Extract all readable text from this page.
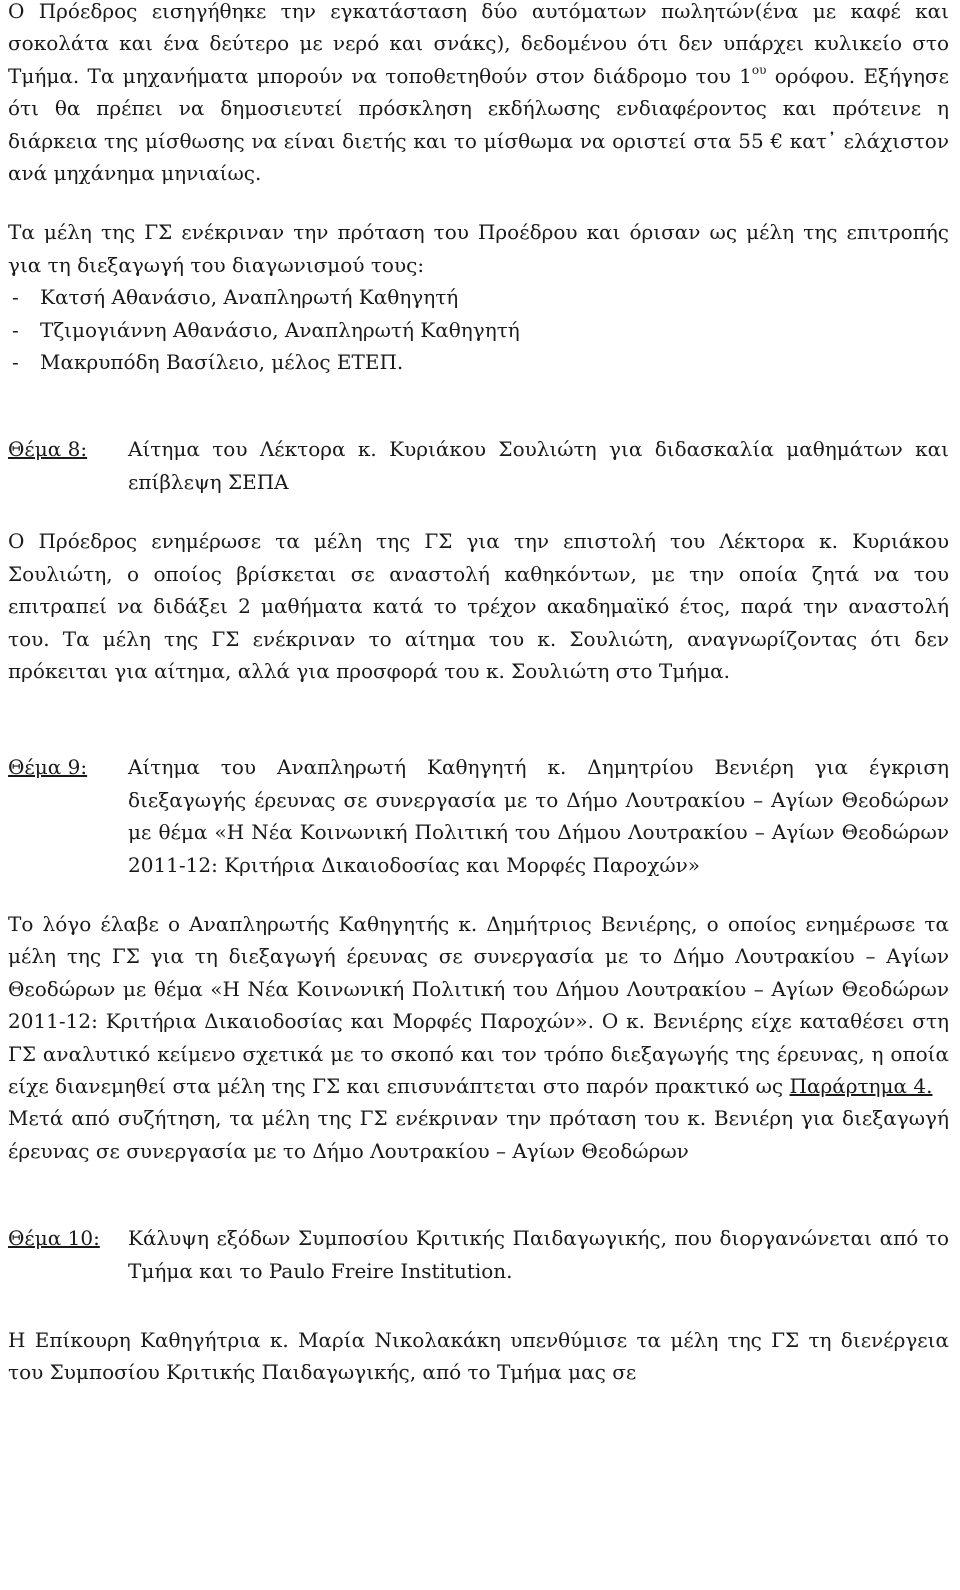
Ο Πρόεδρος εισηγήθηκε την εγκατάσταση δύο αυτόματων πωλητών(ένα με καφέ και σοκολάτα και ένα δεύτερο με νερό και σνάκς), δεδομένου ότι δεν υπάρχει κυλικείο στο Τμήμα. Τα μηχανήματα μπορούν να τοποθετηθούν στον διάδρομο του $1^{o\upsilon}$ ορόφου. Εξήγησε ότι θα πρέπει να δημοσιευτεί πρόσκληση εκδήλωσης ενδιαφέροντος και πρότεινε η διάρκεια της μίσθωσης να είναι διετής και το μίσθωμα να οριστεί στα 55 € κατ᾽ ελάχιστον ανά μηχάνημα μηνιαίως.

Τα μέλη της ΓΣ ενέκριναν την πρόταση του Προέδρου και όρισαν ως μέλη της επιτροπής για τη διεξαγωγή του διαγωνισμού τους:

-	Κατσή Αθανάσιο, Αναπληρωτή Καθηγητή
-	Τζιμογιάννη Αθανάσιο, Αναπληρωτή Καθηγητή
-	Μακρυπόδη Βασίλειο, μέλος ΕΤΕΠ.
Θέμα 8:	Αίτημα του Λέκτορα κ. Κυριάκου Σουλιώτη για διδασκαλία μαθημάτων και επίβλεψη ΣΕΠΑ

Ο Πρόεδρος ενημέρωσε τα μέλη της ΓΣ για την επιστολή του Λέκτορα κ. Κυριάκου Σουλιώτη, ο οποίος βρίσκεται σε αναστολή καθηκόντων, με την οποία ζητά να του επιτραπεί να διδάξει 2 μαθήματα κατά το τρέχον ακαδημαϊκό έτος, παρά την αναστολή του. Τα μέλη της ΓΣ ενέκριναν το αίτημα του κ. Σουλιώτη, αναγνωρίζοντας ότι δεν πρόκειται για αίτημα, αλλά για προσφορά του κ. Σουλιώτη στο Τμήμα.

Θέμα 9:	Αίτημα του Αναπληρωτή Καθηγητή κ. Δημητρίου Βενιέρη για έγκριση διεξαγωγής έρευνας σε συνεργασία με το Δήμο Λουτρακίου – Αγίων Θεοδώρων με θέμα «Η Νέα Κοινωνική Πολιτική του Δήμου Λουτρακίου – Αγίων Θεοδώρων 2011-12: Κριτήρια Δικαιοδοσίας και Μορφές Παροχών»

Το λόγο έλαβε ο Αναπληρωτής Καθηγητής κ. Δημήτριος Βενιέρης, ο οποίος ενημέρωσε τα μέλη της ΓΣ για τη διεξαγωγή έρευνας σε συνεργασία με το Δήμο Λουτρακίου – Αγίων Θεοδώρων με θέμα «Η Νέα Κοινωνική Πολιτική του Δήμου Λουτρακίου – Αγίων Θεοδώρων 2011-12: Κριτήρια Δικαιοδοσίας και Μορφές Παροχών». Ο κ. Βενιέρης είχε καταθέσει στη ΓΣ αναλυτικό κείμενο σχετικά με το σκοπό και τον τρόπο διεξαγωγής της έρευνας, η οποία είχε διανεμηθεί στα μέλη της ΓΣ και επισυνάπτεται στο παρόν πρακτικό ως Παράρτημα 4.

Μετά από συζήτηση, τα μέλη της ΓΣ ενέκριναν την πρόταση του κ. Βενιέρη για διεξαγωγή έρευνας σε συνεργασία με το Δήμο Λουτρακίου – Αγίων Θεοδώρων

Θέμα 10:	Κάλυψη εξόδων Συμποσίου Κριτικής Παιδαγωγικής, που διοργανώνεται από το Τμήμα και το Paulo Freire Institution.

Η Επίκουρη Καθηγήτρια κ. Μαρία Νικολακάκη υπενθύμισε τα μέλη της ΓΣ τη διενέργεια του Συμποσίου Κριτικής Παιδαγωγικής, από το Τμήμα μας σε
